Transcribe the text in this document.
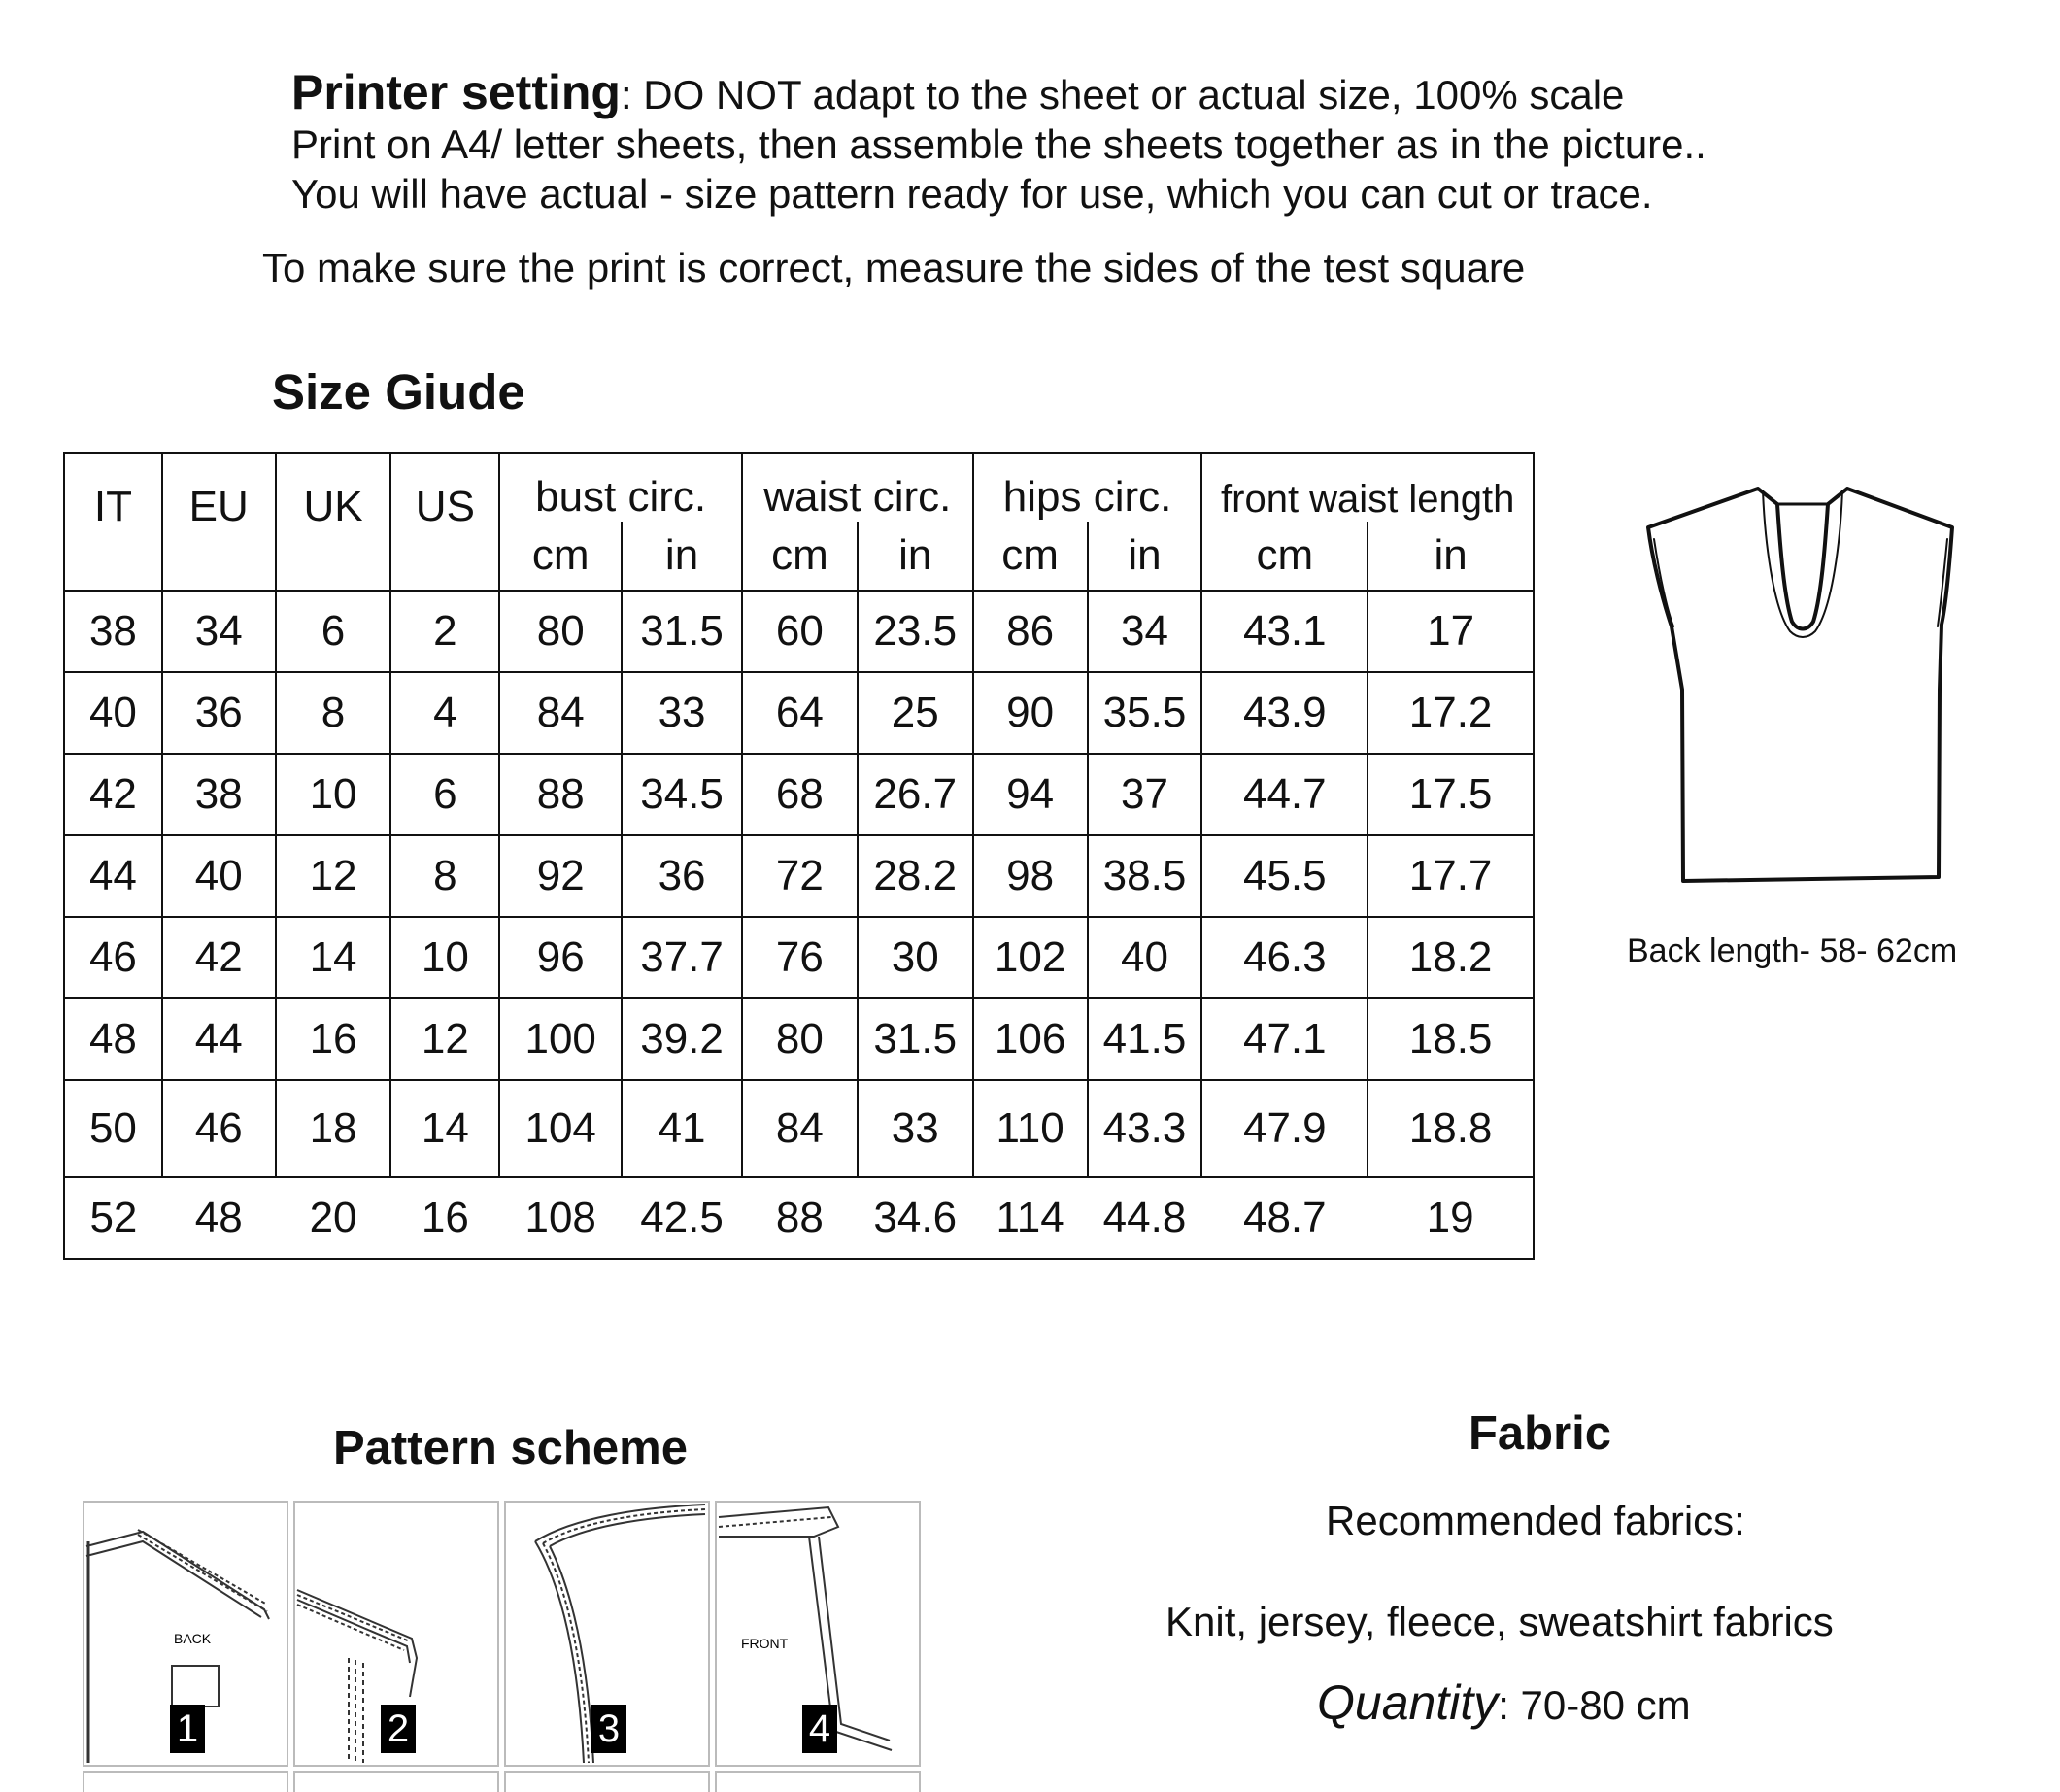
Printer setting: DO NOT adapt to the sheet or actual size, 100% scale
Print on A4/ letter sheets, then assemble the sheets together as in the picture..
You will have actual - size pattern ready for use, which you can cut or trace.
To make sure the print is correct, measure the sides of the test square
Size Giude
IT	EU	UK	US	bust circ.		waist circ.		hips circ.		front waist length	
				cm	in	cm	in	cm	in	cm	in
38	34	6	2	80	31.5	60	23.5	86	34	43.1	17
40	36	8	4	84	33	64	25	90	35.5	43.9	17.2
42	38	10	6	88	34.5	68	26.7	94	37	44.7	17.5
44	40	12	8	92	36	72	28.2	98	38.5	45.5	17.7
46	42	14	10	96	37.7	76	30	102	40	46.3	18.2
48	44	16	12	100	39.2	80	31.5	106	41.5	47.1	18.5
50	46	18	14	104	41	84	33	110	43.3	47.9	18.8
52	48	20	16	108	42.5	88	34.6	114	44.8	48.7	19
Back length- 58- 62cm
Pattern scheme
BACK
1	2	3
FRONT
4
Fabric
Recommended fabrics:
Knit, jersey, fleece, sweatshirt fabrics
Quantity: 70-80 cm
